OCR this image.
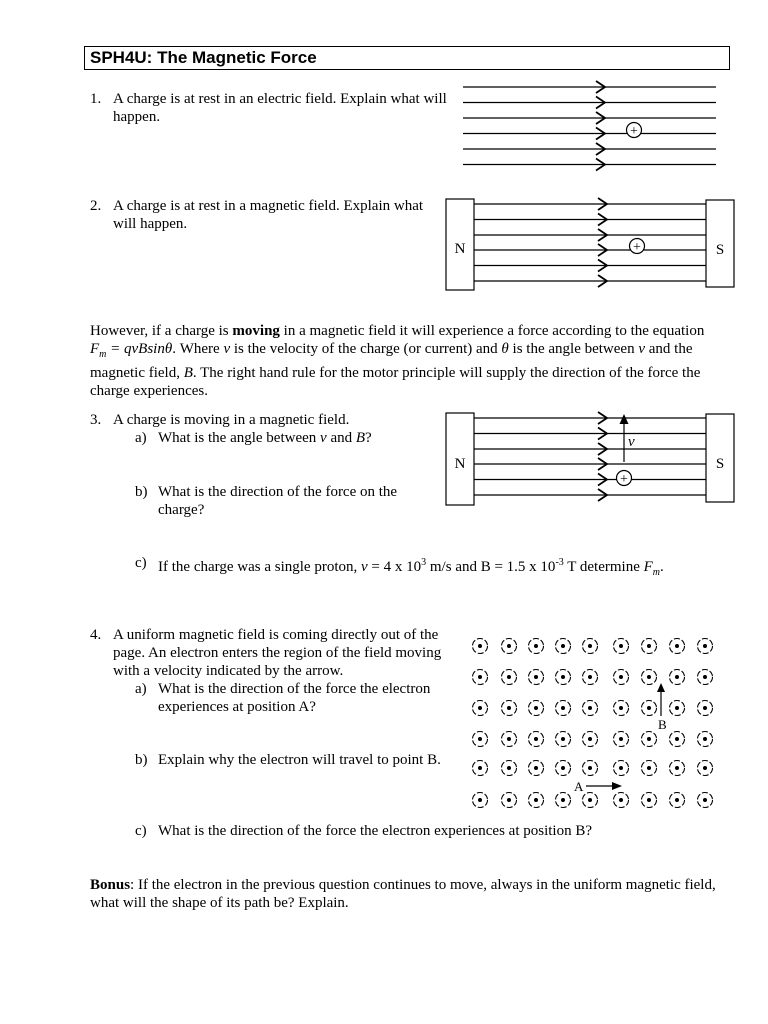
SPH4U: The Magnetic Force
1. A charge is at rest in an electric field. Explain what will happen.

+
2. A charge is at rest in a magnetic field. Explain what will happen.

N	S
+

However, if a charge is moving in a magnetic field it will experience a force according to the equation $F_m = qvBsin\theta$. Where v is the velocity of the charge (or current) and θ is the angle between v and the magnetic field, B. The right hand rule for the motor principle will supply the direction of the force the charge experiences.

3. A charge is moving in a magnetic field.

a) What is the angle between v and B?

b) What is the direction of the force on the charge?

c) If the charge was a single proton, v = 4 x $10^3$ m/s and B = 1.5 x $10^{-3}$ T determine $F_m$.

N	S
v
+
4. A uniform magnetic field is coming directly out of the page. An electron enters the region of the field moving with a velocity indicated by the arrow.

a) What is the direction of the force the electron experiences at position A?

b) Explain why the electron will travel to point B.

c) What is the direction of the force the electron experiences at position B?

B
A

Bonus: If the electron in the previous question continues to move, always in the uniform magnetic field, what will the shape of its path be? Explain.
